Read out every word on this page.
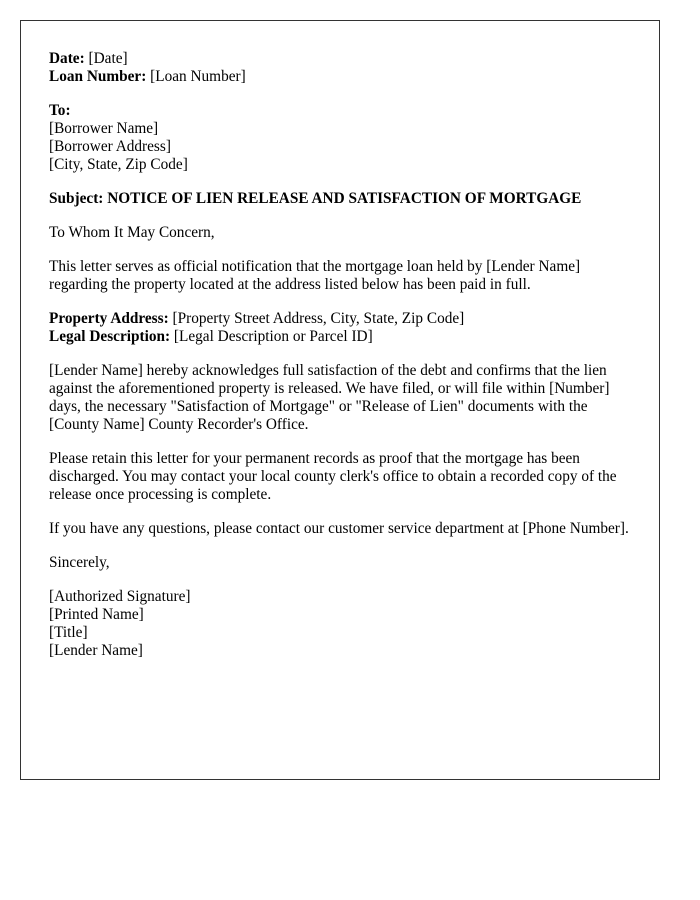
Date: [Date]
Loan Number: [Loan Number]

To:
[Borrower Name]
[Borrower Address]
[City, State, Zip Code]

Subject: NOTICE OF LIEN RELEASE AND SATISFACTION OF MORTGAGE

To Whom It May Concern,

This letter serves as official notification that the mortgage loan held by [Lender Name] regarding the property located at the address listed below has been paid in full.

Property Address: [Property Street Address, City, State, Zip Code]
Legal Description: [Legal Description or Parcel ID]

[Lender Name] hereby acknowledges full satisfaction of the debt and confirms that the lien against the aforementioned property is released. We have filed, or will file within [Number] days, the necessary "Satisfaction of Mortgage" or "Release of Lien" documents with the [County Name] County Recorder's Office.

Please retain this letter for your permanent records as proof that the mortgage has been discharged. You may contact your local county clerk's office to obtain a recorded copy of the release once processing is complete.

If you have any questions, please contact our customer service department at [Phone Number].

Sincerely,

[Authorized Signature]
[Printed Name]
[Title]
[Lender Name]
